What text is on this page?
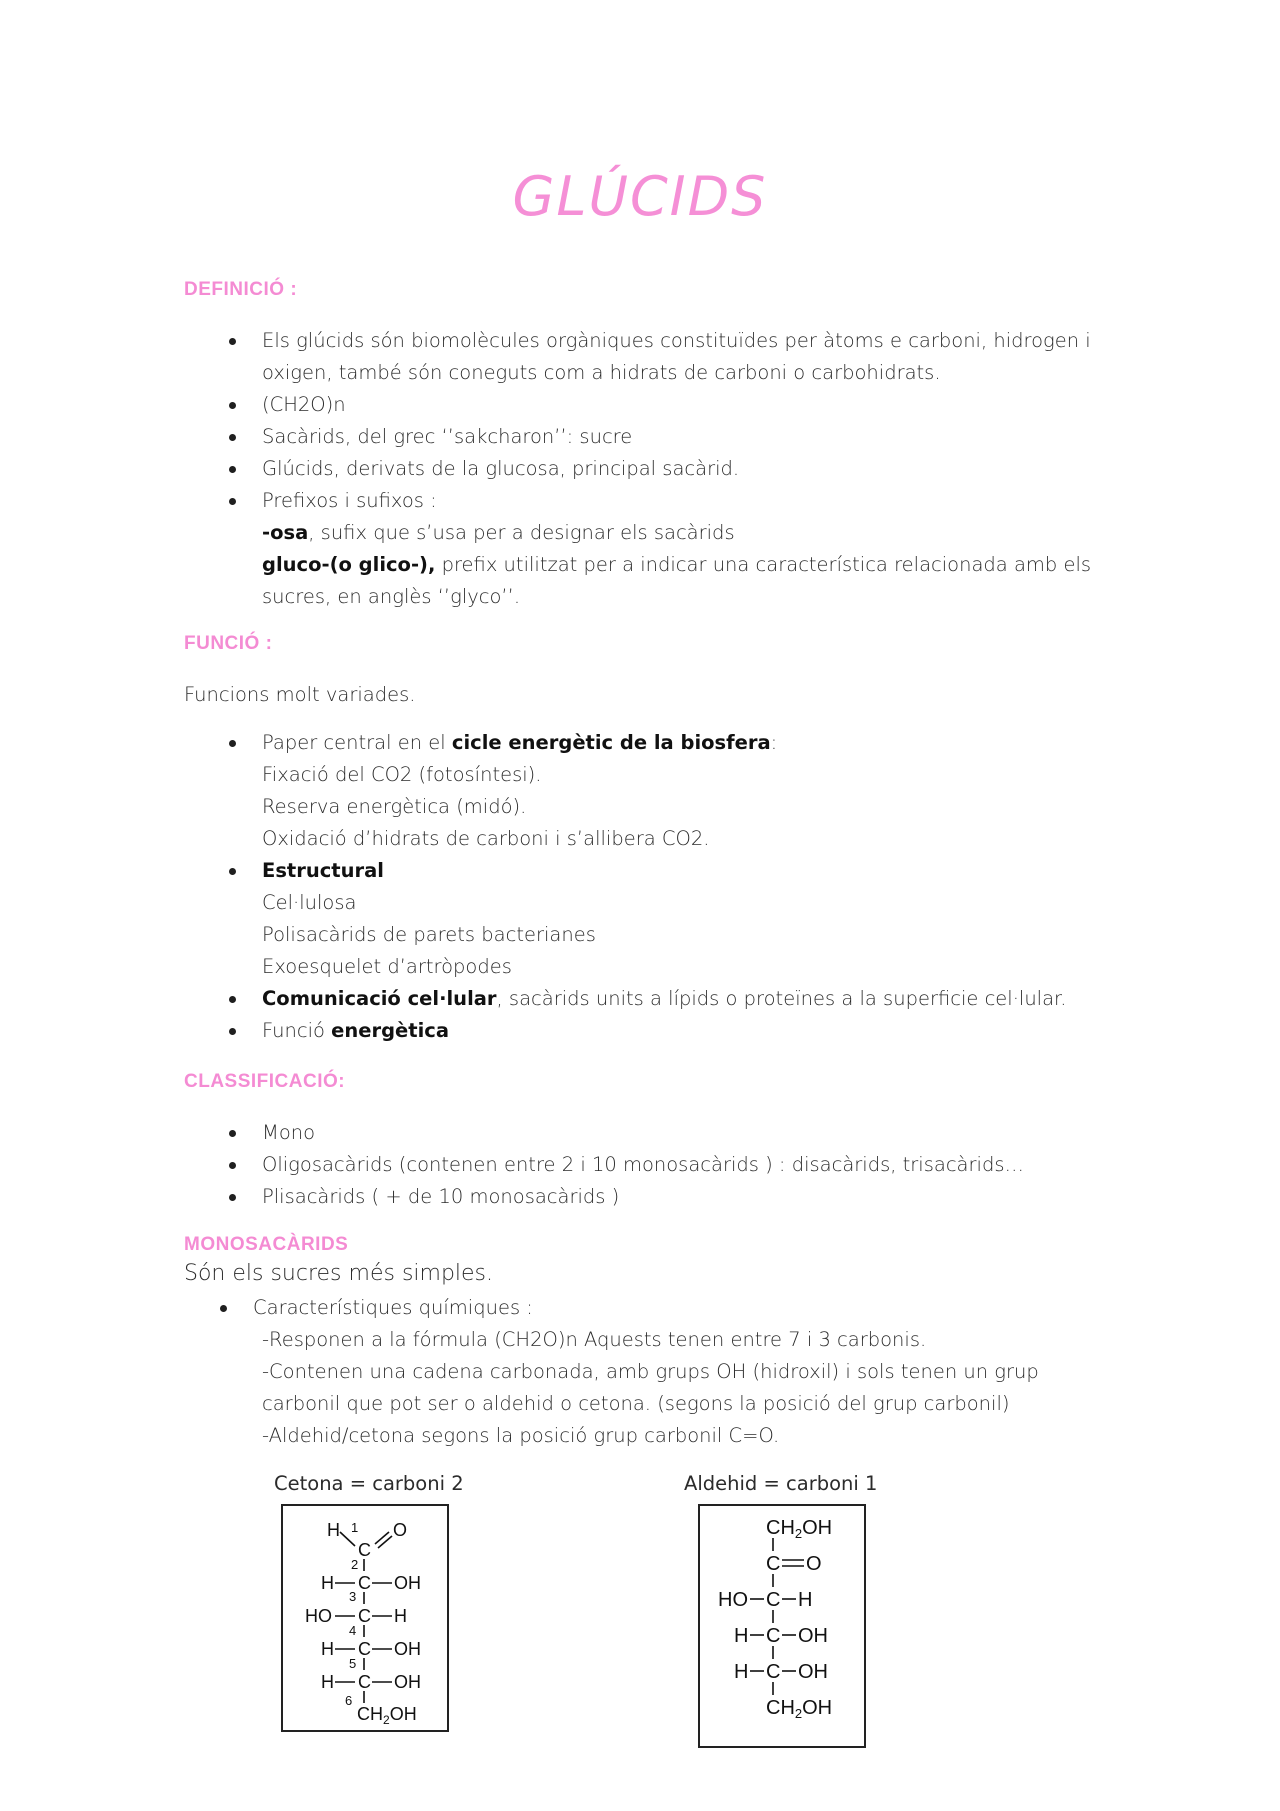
GLÚCIDS
DEFINICIÓ :
Els glúcids són biomolècules orgàniques constituïdes per àtoms e carboni, hidrogen i
oxigen, també són coneguts com a hidrats de carboni o carbohidrats.
(CH2O)n
Sacàrids, del grec ‘’sakcharon’’: sucre
Glúcids, derivats de la glucosa, principal sacàrid.
Prefixos i sufixos :
-osa, sufix que s’usa per a designar els sacàrids
gluco-(o glico-), prefix utilitzat per a indicar una característica relacionada amb els
sucres, en anglès ‘’glyco’’.
FUNCIÓ :
Funcions molt variades.
Paper central en el cicle energètic de la biosfera:
Fixació del CO2 (fotosíntesi).
Reserva energètica (midó).
Oxidació d’hidrats de carboni i s’allibera CO2.
Estructural
Cel·lulosa
Polisacàrids de parets bacterianes
Exoesquelet d’artròpodes
Comunicació cel·lular, sacàrids units a lípids o proteïnes a la superficie cel·lular.
Funció energètica
CLASSIFICACIÓ:
Mono
Oligosacàrids (contenen entre 2 i 10 monosacàrids ) : disacàrids, trisacàrids…
Plisacàrids ( + de 10 monosacàrids )
MONOSACÀRIDS
Són els sucres més simples.
Característiques químiques :
-Responen a la fórmula (CH2O)n Aquests tenen entre 7 i 3 carbonis.
-Contenen una cadena carbonada, amb grups OH (hidroxil) i sols tenen un grup
carbonil que pot ser o aldehid o cetona. (segons la posició del grup carbonil)
-Aldehid/cetona segons la posició grup carbonil C=O.
Cetona = carboni 2	Aldehid = carboni 1
H 1 O
C
2
H C OH
3
HO C H
4
H C OH
5
H C OH
6
$CH_2OH$
$CH_2OH$
C O
HO C H
H C OH
H C OH
$CH_2OH$
